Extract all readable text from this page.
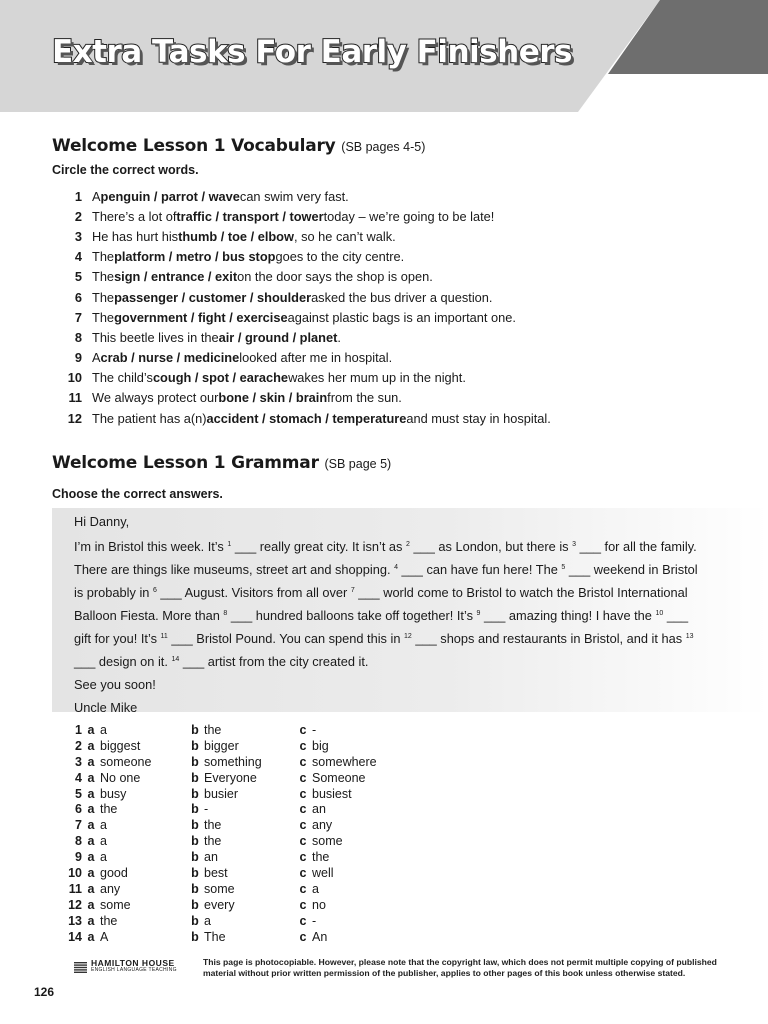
Extra Tasks For Early Finishers
Welcome Lesson 1 Vocabulary (SB pages 4-5)

Circle the correct words.

1 A penguin / parrot / wave can swim very fast.
2 There’s a lot of traffic / transport / tower today – we’re going to be late!
3 He has hurt his thumb / toe / elbow , so he can’t walk.
4 The platform / metro / bus stop goes to the city centre.
5 The sign / entrance / exit on the door says the shop is open.
6 The passenger / customer / shoulder asked the bus driver a question.
7 The government / fight / exercise against plastic bags is an important one.
8 This beetle lives in the air / ground / planet .
9 A crab / nurse / medicine looked after me in hospital.
10 The child’s cough / spot / earache wakes her mum up in the night.
11 We always protect our bone / skin / brain from the sun.
12 The patient has a(n) accident / stomach / temperature and must stay in hospital.
Welcome Lesson 1 Grammar (SB page 5)

Choose the correct answers.

Hi Danny,

I’m in Bristol this week. It’s $^1$ ___ really great city. It isn’t as $^2$ ___ as London, but there is $^3$ ___ for all the family. There are things like museums, street art and shopping. $^4$ ___ can have fun here! The $^5$ ___ weekend in Bristol is probably in $^6$ ___ August. Visitors from all over $^7$ ___ world come to Bristol to watch the Bristol International Balloon Fiesta. More than $^8$ ___ hundred balloons take off together! It’s $^9$ ___ amazing thing! I have the $^{10}$ ___ gift for you! It’s $^{11}$ ___ Bristol Pound. You can spend this in $^{12}$ ___ shops and restaurants in Bristol, and it has $^{13}$ ___ design on it. $^{14}$ ___ artist from the city created it.

See you soon!

Uncle Mike

1 a a	b the	c -
2 a biggest	b bigger	c big
3 a someone	b something	c somewhere
4 a No one	b Everyone	c Someone
5 a busy	b busier	c busiest
6 a the	b -	c an
7 a a	b the	c any
8 a a	b the	c some
9 a a	b an	c the
10 a good	b best	c well
11 a any	b some	c a
12 a some	b every	c no
13 a the	b a	c -
14 a A	b The	c An
HAMILTON HOUSE
ENGLISH LANGUAGE TEACHING
This page is photocopiable. However, please note that the copyright law, which does not permit multiple copying of published material without prior written permission of the publisher, applies to other pages of this book unless otherwise stated.
126
